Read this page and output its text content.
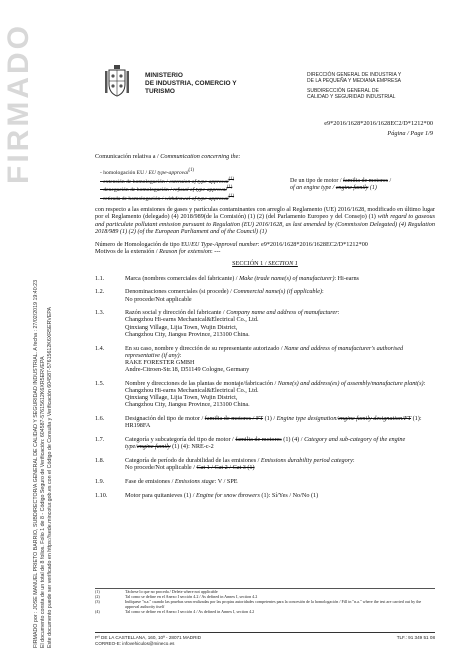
FIRMADO
FIRMADO por : JOSE MANUEL PRIETO BARRIO, SUBDIRECTOR/A GENERAL DE CALIDAD Y SEGURIDAD INDUSTRIAL. A fecha : 27/02/2019 19:40:23 El documento consta de un total de 8 folios. Folio 1 de 8 - Código Seguro de Verificación: 604587-57615612K6XR5ERVEPA Este documento puede ser verificado en https://sede.mincotur.gob.es con el Código de Consulta y Verificación 604587-57615612K6XR5ERVEPA
MINISTERIO
DE INDUSTRIA, COMERCIO Y
TURISMO
DIRECCIÓN GENERAL DE INDUSTRIA Y
DE LA PEQUEÑA Y MEDIANA EMPRESA
SUBDIRECCIÓN GENERAL DE
CALIDAD Y SEGURIDAD INDUSTRIAL
e9*2016/1628*2016/1628EC2/D*1212*00
Página / Page 1/9
Comunicación relativa a / Communication concerning the:
- homologación EU / EU type-approval$^{(1)}$
- extensión de homologación / extension of type-approval$^{(1)}$
- denegación de homologación / refusal of type-approval$^{(1)}$
- retirada de homologación / withdrawal of type-approval$^{(1)}$
De un tipo de motor / familia de motores /
of an engine type / engine family (1)
con respecto a las emisiones de gases y partículas contaminantes con arreglo al Reglamento (UE) 2016/1628, modificado en último lugar por el Reglamento (delegado) (4) 2018/989(de la Comisión) (1) (2) (del Parlamento Europeo y del Consejo) (1) with regard to gaseous and particulate pollutant emission pursuant to Regulation (EU) 2016/1628, as last amended by (Commission Delegated) (4) Regulation 2018/989 (1) (2) (of the European Parliament and of the Council) (1)
Número de Homologación de tipo EU/EU Type-Approval number: e9*2016/1628*2016/1628EC2/D*1212*00
Motivos de la extensión / Reason for extension: ---
SECCIÓN 1 / SECTION 1
1.1.	Marca (nombres comerciales del fabricante) / Make (trade name(s) of manufacturer): Hi-earns
1.2.	Denominaciones comerciales (si procede) / Commercial name(s) (if applicable):
No procede/Not applicable
1.3.	Razón social y dirección del fabricante / Company name and address of manufacturer:
Changzhou Hi-earns Mechanical&Electrical Co., Ltd.
Qinxiang Village, Lijia Town, Wujin District,
Changzhou City, Jiangsu Province, 213100 China.
1.4.	En su caso, nombre y dirección de su representante autorizado / Name and address of manufacturer's authorised representative (if any):
RAKE FORESTER GMBH
Andre-Citroen-Str.18, D51149 Cologne, Germany
1.5.	Nombre y direcciones de las plantas de montaje/fabricación / Name(s) and address(es) of assembly/manufacture plant(s):
Changzhou Hi-earns Mechanical&Electrical Co., Ltd.
Qinxiang Village, Lijia Town, Wujin District,
Changzhou City, Jiangsu Province, 213100 China.
1.6.	Designación del tipo de motor / familia de motores / FT (1) / Engine type designation/engine family designation/FT (1): HR198FA
1.7.	Categoría y subcategoría del tipo de motor / familia de motores (1) (4) / Category and sub-category of the engine type/engine family (1) (4): NRE-c-2
1.8.	Categoría de período de durabilidad de las emisiones / Emissions durability period category:
No procede/Not applicable / Cat 1 / Cat 2 / Cat 3 (1)
1.9.	Fase de emisiones / Emissions stage: V / SPE
1.10.	Motor para quitanieves (1) / Engine for snow throwers (1): Sí/Yes / No/No (1)
(1)	Táchese lo que no proceda / Delete where not applicable
(2)	Tal como se define en el Anexo I sección 4.2 / As defined in Annex I, section 4.2
(3)	Indíquese "n.a." cuando las pruebas sean realizadas por las propias autoridades competentes para la concesión de la homologación / Fill in "n.a." where the test are carried out by the approval authority itself
(4)	Tal como se define en el Anexo I sección 4 / As defined in Annex I, section 4.2
Pº DE LA CASTELLANA, 160, 10ª - 28071 MADRID
CORREO-E: infovehiculos@mineco.es
TLF.: 91 349 51 08
